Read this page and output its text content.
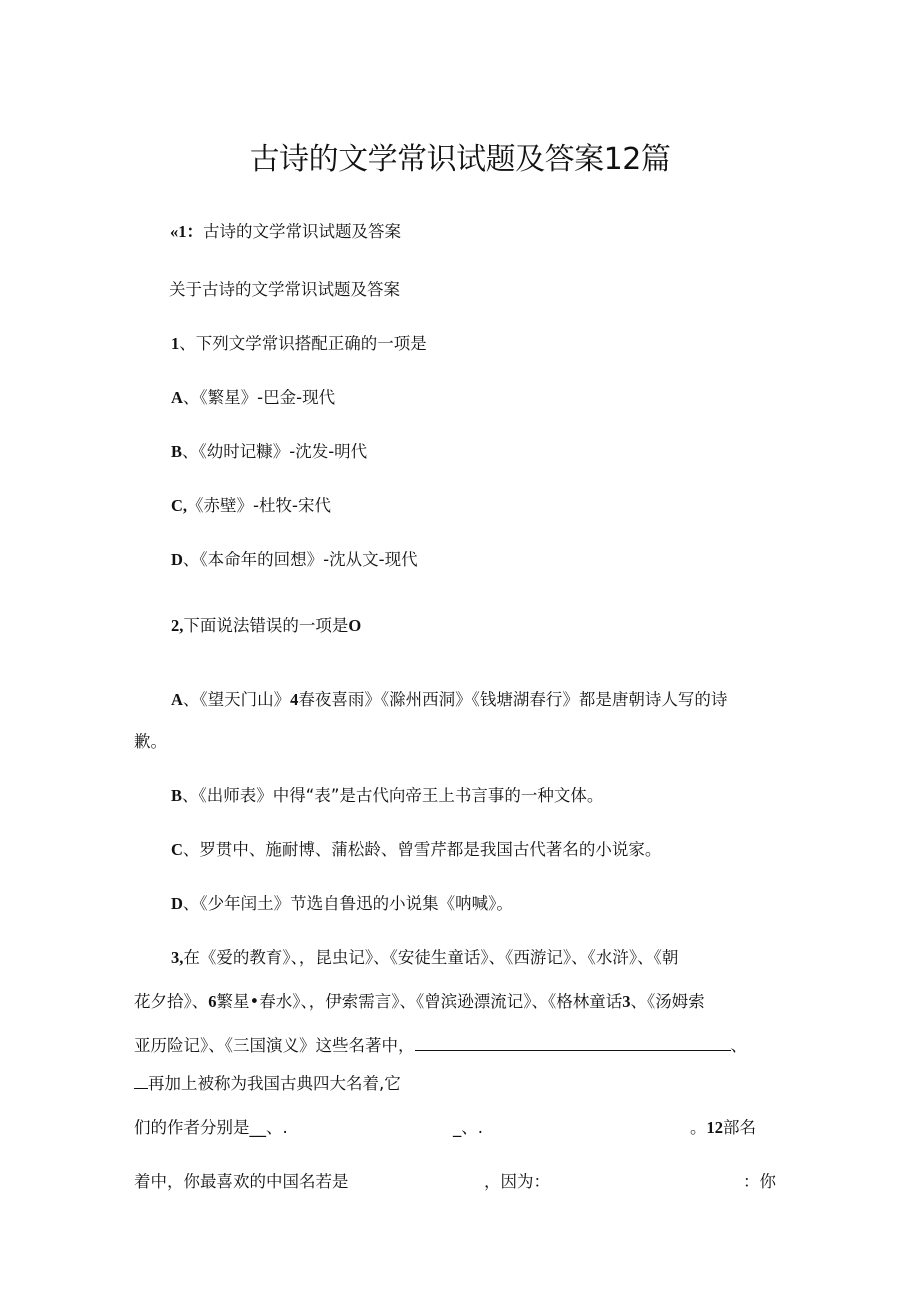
古诗的文学常识试题及答案12篇
«1：古诗的文学常识试题及答案
关于古诗的文学常识试题及答案
1、下列文学常识搭配正确的一项是
A、《繁星》-巴金-现代
B、《幼时记糠》-沈发-明代
C,《赤壁》-杜牧-宋代
D、《本命年的回想》-沈从文-现代
2,下面说法错误的一项是O
A、《望天门山》4春夜喜雨》《滁州西洞》《钱塘湖春行》都是唐朝诗人写的诗
歉。
B、《出师表》中得“表”是古代向帝王上书言事的一种文体。
C、罗贯中、施耐博、蒲松龄、曾雪芹都是我国古代著名的小说家。
D、《少年闰土》节选自鲁迅的小说集《呐喊》。
3,在《爱的教育》、，昆虫记》、《安徒生童话》、《西游记》、《水浒》、《朝
花夕拾》、6繁星•春水》、，伊索需言》、《曾滨逊漂流记》、《格林童话3、《汤姆索
亚历险记》、《三国演义》这些名著中，	、
再加上被称为我国古典四大名着,它
们的作者分别是__、.	_、.	。12部名
着中，你最喜欢的中国名若是	，因为：	：你
